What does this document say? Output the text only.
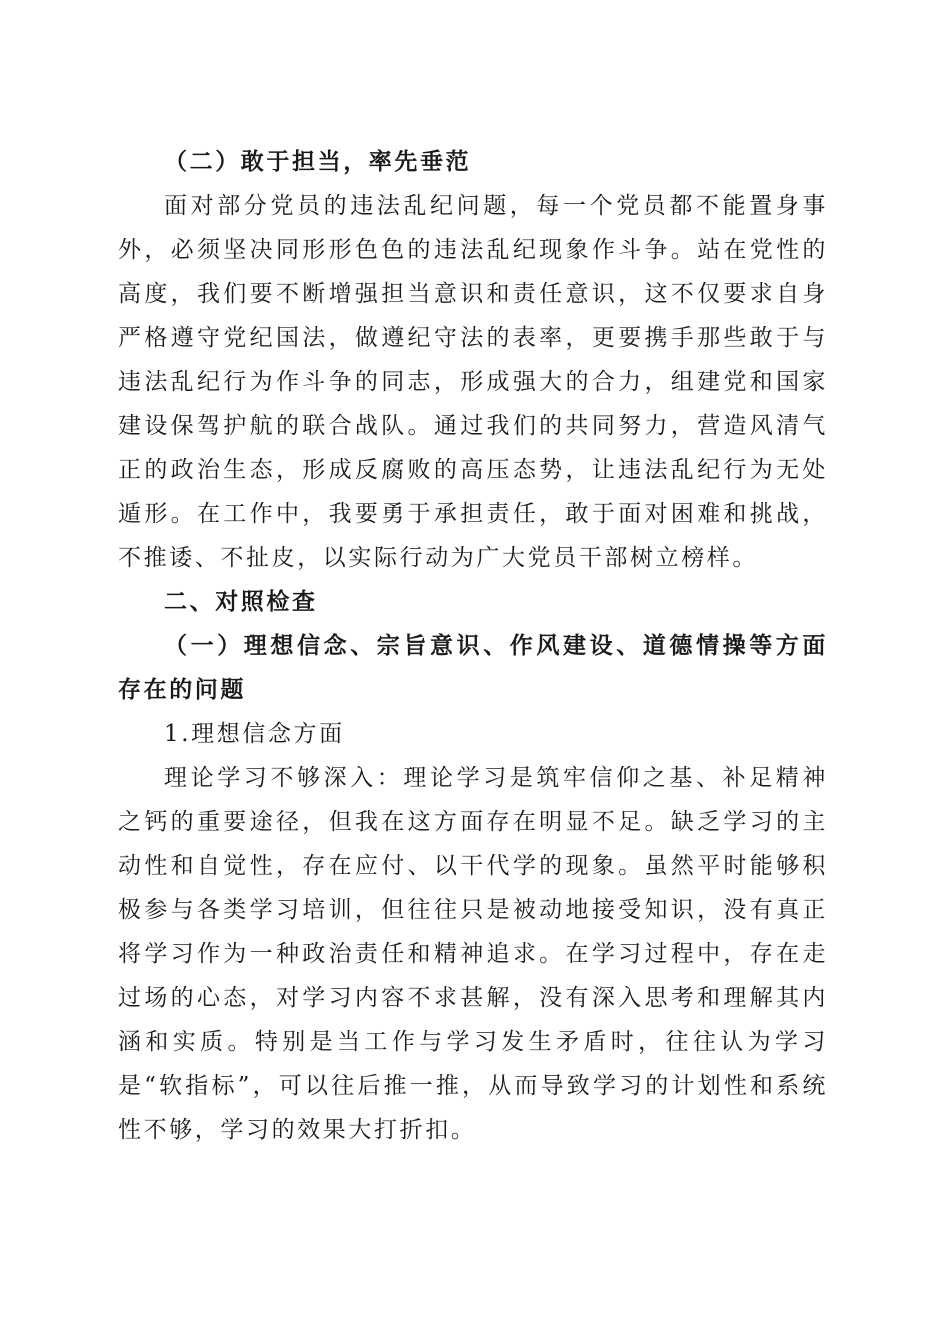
（二）敢于担当，率先垂范

面对部分党员的违法乱纪问题，每一个党员都不能置身事外，必须坚决同形形色色的违法乱纪现象作斗争。站在党性的高度，我们要不断增强担当意识和责任意识，这不仅要求自身严格遵守党纪国法，做遵纪守法的表率，更要携手那些敢于与违法乱纪行为作斗争的同志，形成强大的合力，组建党和国家建设保驾护航的联合战队。通过我们的共同努力，营造风清气正的政治生态，形成反腐败的高压态势，让违法乱纪行为无处遁形。在工作中，我要勇于承担责任，敢于面对困难和挑战，不推诿、不扯皮，以实际行动为广大党员干部树立榜样。

二、对照检查

（一）理想信念、宗旨意识、作风建设、道德情操等方面存在的问题

1.理想信念方面

理论学习不够深入：理论学习是筑牢信仰之基、补足精神之钙的重要途径，但我在这方面存在明显不足。缺乏学习的主动性和自觉性，存在应付、以干代学的现象。虽然平时能够积极参与各类学习培训，但往往只是被动地接受知识，没有真正将学习作为一种政治责任和精神追求。在学习过程中，存在走过场的心态，对学习内容不求甚解，没有深入思考和理解其内涵和实质。特别是当工作与学习发生矛盾时，往往认为学习是“软指标”，可以往后推一推，从而导致学习的计划性和系统性不够，学习的效果大打折扣。
